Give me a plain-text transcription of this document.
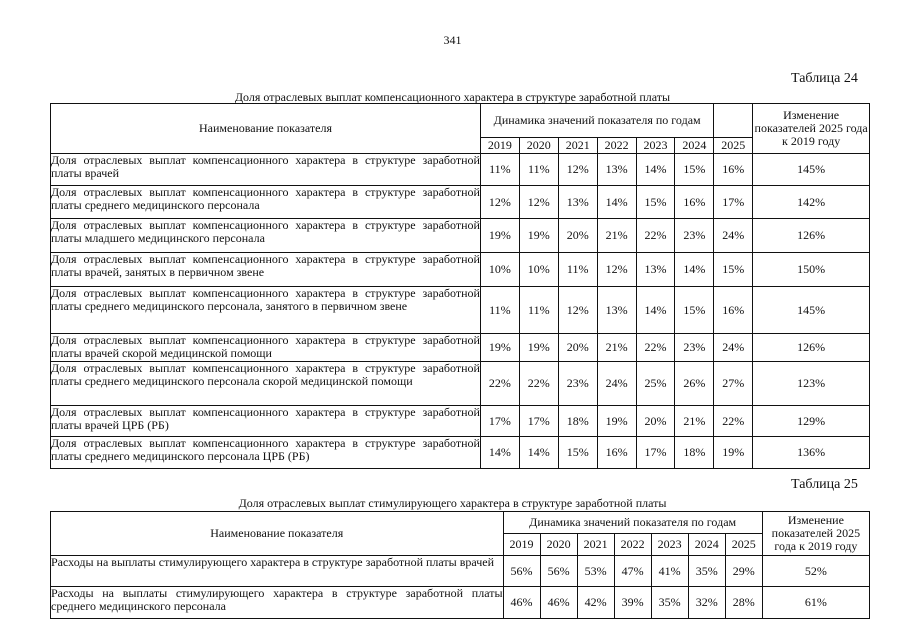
341
Таблица 24
Доля отраслевых выплат компенсационного характера в структуре заработной платы
Наименование показателя	Динамика значений показателя по годам							Изменение показателей 2025 года к 2019 году
	2019	2020	2021	2022	2023	2024	2025	
Доля отраслевых выплат компенсационного характера в структуре заработной платы врачей	11%	11%	12%	13%	14%	15%	16%	145%
Доля отраслевых выплат компенсационного характера в структуре заработной платы среднего медицинского персонала	12%	12%	13%	14%	15%	16%	17%	142%
Доля отраслевых выплат компенсационного характера в структуре заработной платы младшего медицинского персонала	19%	19%	20%	21%	22%	23%	24%	126%
Доля отраслевых выплат компенсационного характера в структуре заработной платы врачей, занятых в первичном звене	10%	10%	11%	12%	13%	14%	15%	150%
Доля отраслевых выплат компенсационного характера в структуре заработной платы среднего медицинского персонала, занятого в первичном звене	11%	11%	12%	13%	14%	15%	16%	145%
Доля отраслевых выплат компенсационного характера в структуре заработной платы врачей скорой медицинской помощи	19%	19%	20%	21%	22%	23%	24%	126%
Доля отраслевых выплат компенсационного характера в структуре заработной платы среднего медицинского персонала скорой медицинской помощи	22%	22%	23%	24%	25%	26%	27%	123%
Доля отраслевых выплат компенсационного характера в структуре заработной платы врачей ЦРБ (РБ)	17%	17%	18%	19%	20%	21%	22%	129%
Доля отраслевых выплат компенсационного характера в структуре заработной платы среднего медицинского персонала ЦРБ (РБ)	14%	14%	15%	16%	17%	18%	19%	136%
Таблица 25
Доля отраслевых выплат стимулирующего характера в структуре заработной платы
Наименование показателя	Динамика значений показателя по годам							Изменение показателей 2025 года к 2019 году
	2019	2020	2021	2022	2023	2024	2025	
Расходы на выплаты стимулирующего характера в структуре заработной платы врачей	56%	56%	53%	47%	41%	35%	29%	52%
Расходы на выплаты стимулирующего характера в структуре заработной платы среднего медицинского персонала	46%	46%	42%	39%	35%	32%	28%	61%
